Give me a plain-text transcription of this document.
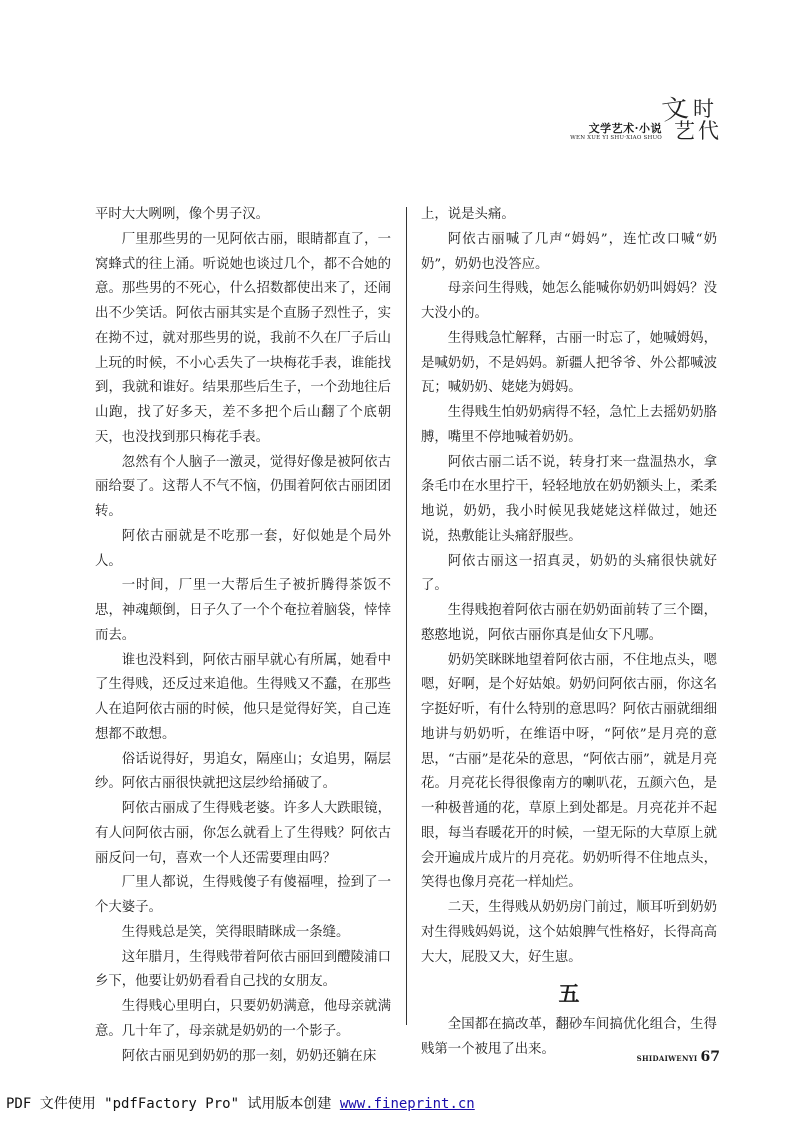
文学艺术·小说
WEN XUE YI SHU·XIAO SHUO
文 时
艺 代

平时大大咧咧，像个男子汉。

厂里那些男的一见阿依古丽，眼睛都直了，一窝蜂式的往上涌。听说她也谈过几个，都不合她的意。那些男的不死心，什么招数都使出来了，还闹出不少笑话。阿依古丽其实是个直肠子烈性子，实在拗不过，就对那些男的说，我前不久在厂子后山上玩的时候，不小心丢失了一块梅花手表，谁能找到，我就和谁好。结果那些后生子，一个劲地往后山跑，找了好多天，差不多把个后山翻了个底朝天，也没找到那只梅花手表。

忽然有个人脑子一激灵，觉得好像是被阿依古丽给耍了。这帮人不气不恼，仍围着阿依古丽团团转。

阿依古丽就是不吃那一套，好似她是个局外人。

一时间，厂里一大帮后生子被折腾得茶饭不思，神魂颠倒，日子久了一个个奄拉着脑袋，悻悻而去。

谁也没料到，阿依古丽早就心有所属，她看中了生得贱，还反过来追他。生得贱又不蠢，在那些人在追阿依古丽的时候，他只是觉得好笑，自己连想都不敢想。

俗话说得好，男追女，隔座山；女追男，隔层纱。阿依古丽很快就把这层纱给捅破了。

阿依古丽成了生得贱老婆。许多人大跌眼镜，有人问阿依古丽，你怎么就看上了生得贱？阿依古丽反问一句，喜欢一个人还需要理由吗？

厂里人都说，生得贱傻子有傻福哩，捡到了一个大婆子。

生得贱总是笑，笑得眼睛眯成一条缝。

这年腊月，生得贱带着阿依古丽回到醴陵浦口乡下，他要让奶奶看看自己找的女朋友。

生得贱心里明白，只要奶奶满意，他母亲就满意。几十年了，母亲就是奶奶的一个影子。

阿依古丽见到奶奶的那一刻，奶奶还躺在床

上，说是头痛。

阿依古丽喊了几声“姆妈”，连忙改口喊“奶奶”，奶奶也没答应。

母亲问生得贱，她怎么能喊你奶奶叫姆妈？没大没小的。

生得贱急忙解释，古丽一时忘了，她喊姆妈，是喊奶奶，不是妈妈。新疆人把爷爷、外公都喊波瓦；喊奶奶、姥姥为姆妈。

生得贱生怕奶奶病得不轻，急忙上去摇奶奶胳膊，嘴里不停地喊着奶奶。

阿依古丽二话不说，转身打来一盘温热水，拿条毛巾在水里拧干，轻轻地放在奶奶额头上，柔柔地说，奶奶，我小时候见我姥姥这样做过，她还说，热敷能让头痛舒服些。

阿依古丽这一招真灵，奶奶的头痛很快就好了。

生得贱抱着阿依古丽在奶奶面前转了三个圈，憨憨地说，阿依古丽你真是仙女下凡哪。

奶奶笑眯眯地望着阿依古丽，不住地点头，嗯嗯，好啊，是个好姑娘。奶奶问阿依古丽，你这名字挺好听，有什么特别的意思吗？阿依古丽就细细地讲与奶奶听，在维语中呀，“阿依”是月亮的意思，“古丽”是花朵的意思，“阿依古丽”，就是月亮花。月亮花长得很像南方的喇叭花，五颜六色，是一种极普通的花，草原上到处都是。月亮花并不起眼，每当春暖花开的时候，一望无际的大草原上就会开遍成片成片的月亮花。奶奶听得不住地点头，笑得也像月亮花一样灿烂。

二天，生得贱从奶奶房门前过，顺耳听到奶奶对生得贱妈妈说，这个姑娘脾气性格好，长得高高大大，屁股又大，好生崽。

五

全国都在搞改革，翻砂车间搞优化组合，生得贱第一个被甩了出来。

SHIDAIWENYI 67
PDF 文件使用 "pdfFactory Pro" 试用版本创建 www.fineprint.cn
